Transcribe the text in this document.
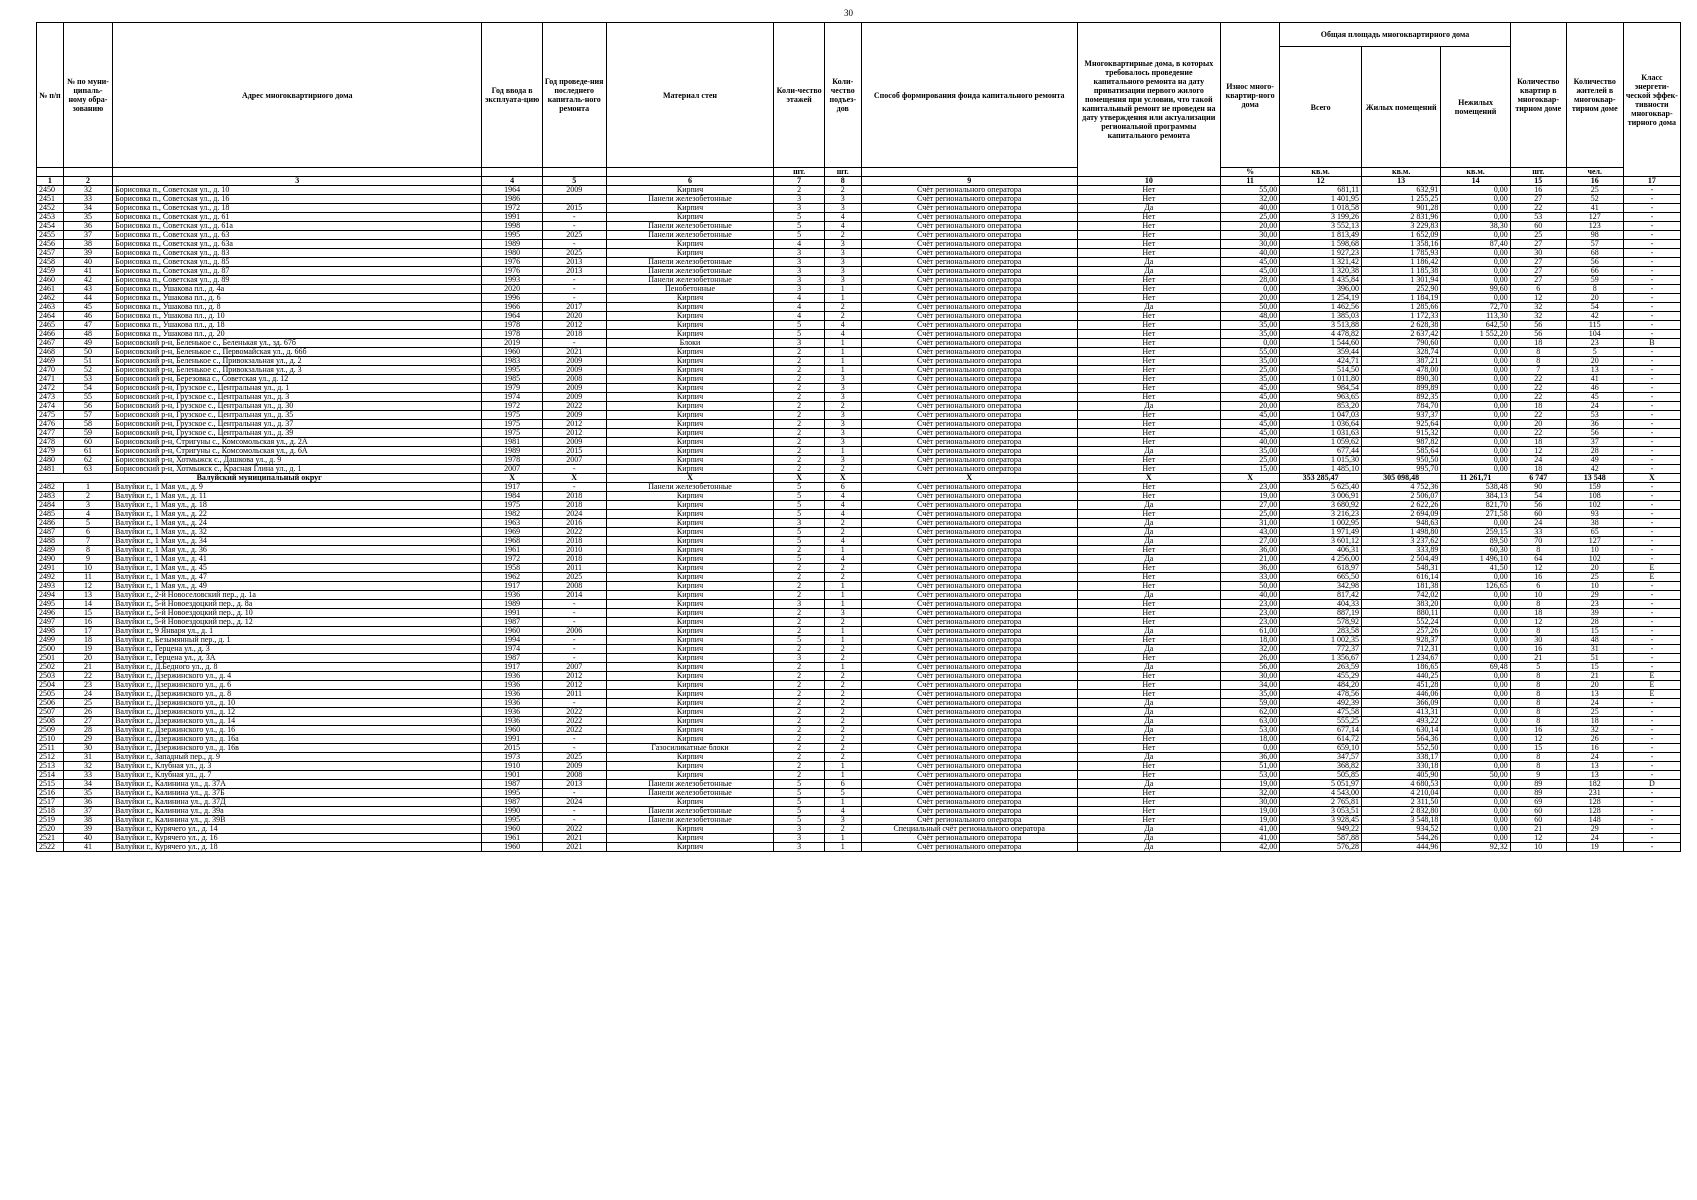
30
№ п/п	№ по муни-ципаль-ному обра-зованию	Адрес многоквартирного дома	Год ввода в эксплуата-цию	Год проведе-ния последнего капиталь-ного ремонта	Материал стен	Коли-чество этажей	Коли-чество подъез-дов	Способ формирования фонда капитального ремонта	Многоквартирные дома, в которых требовалось проведение капитального ремонта на дату приватизации первого жилого помещения при условии, что такой капитальный ремонт не проведен на дату утверждения или актуализации региональной программы капитального ремонта	Износ много-квартир-ного дома	Общая площадь многоквартирного дома			Количество квартир в многоквар-тирном доме	Количество жителей в многоквар-тирном доме	Класс энергети-ческой эффек-тивности многоквар-тирного дома
											Всего	Жилых помещений	Нежилых помещений			
						шт.	шт.			%	кв.м.	кв.м.	кв.м.	шт.	чел.	
1	2	3	4	5	6	7	8	9	10	11	12	13	14	15	16	17
2450	32	Борисовка п., Советская ул., д. 10	1964	2009	Кирпич	2	2	Счёт регионального оператора	Нет	55,00	681,11	632,91	0,00	16	25	-
2451	33	Борисовка п., Советская ул., д. 16	1986		Панели железобетонные	3	3	Счёт регионального оператора	Нет	32,00	1 401,95	1 255,25	0,00	27	52	-
2452	34	Борисовка п., Советская ул., д. 18	1972	2015	Кирпич	3	3	Счёт регионального оператора	Да	40,00	1 018,58	901,28	0,00	22	41	-
2453	35	Борисовка п., Советская ул., д. 61	1991	-	Кирпич	5	4	Счёт регионального оператора	Нет	25,00	3 199,26	2 831,96	0,00	53	127	-
2454	36	Борисовка п., Советская ул., д. 61а	1998	-	Панели железобетонные	5	4	Счёт регионального оператора	Нет	20,00	3 552,13	3 229,83	38,30	60	123	-
2455	37	Борисовка п., Советская ул., д. 63	1995	2025	Панели железобетонные	5	2	Счёт регионального оператора	Нет	30,00	1 813,49	1 652,09	0,00	25	98	-
2456	38	Борисовка п., Советская ул., д. 63а	1989	-	Кирпич	4	3	Счёт регионального оператора	Нет	30,00	1 598,68	1 358,16	87,40	27	57	-
2457	39	Борисовка п., Советская ул., д. 83	1980	2025	Кирпич	3	3	Счёт регионального оператора	Нет	40,00	1 927,23	1 785,93	0,00	30	68	-
2458	40	Борисовка п., Советская ул., д. 85	1976	2013	Панели железобетонные	3	3	Счёт регионального оператора	Да	45,00	1 321,42	1 186,42	0,00	27	56	-
2459	41	Борисовка п., Советская ул., д. 87	1976	2013	Панели железобетонные	3	3	Счёт регионального оператора	Да	45,00	1 320,38	1 185,38	0,00	27	66	-
2460	42	Борисовка п., Советская ул., д. 89	1993	-	Панели железобетонные	3	3	Счёт регионального оператора	Нет	28,00	1 435,84	1 301,94	0,00	27	59	-
2461	43	Борисовка п., Ушакова пл., д. 4а	2020	-	Пенобетонные	3	1	Счёт регионального оператора	Нет	0,00	396,00	252,90	99,60	6	8	-
2462	44	Борисовка п., Ушакова пл., д. 6	1996	-	Кирпич	4	1	Счёт регионального оператора	Нет	20,00	1 254,19	1 184,19	0,00	12	20	-
2463	45	Борисовка п., Ушакова пл., д. 8	1966	2017	Кирпич	4	2	Счёт регионального оператора	Да	50,00	1 462,56	1 285,66	72,70	32	54	-
2464	46	Борисовка п., Ушакова пл., д. 10	1964	2020	Кирпич	4	2	Счёт регионального оператора	Нет	48,00	1 385,03	1 172,33	113,30	32	42	-
2465	47	Борисовка п., Ушакова пл., д. 18	1978	2012	Кирпич	5	4	Счёт регионального оператора	Нет	35,00	3 513,88	2 628,38	642,50	56	115	-
2466	48	Борисовка п., Ушакова пл., д. 20	1978	2018	Кирпич	5	4	Счёт регионального оператора	Нет	35,00	4 478,82	2 637,42	1 552,20	56	104	-
2467	49	Борисовский р-н, Беленькое с., Беленькая ул., зд. 67б	2019	-	Блоки	3	1	Счёт регионального оператора	Нет	0,00	1 544,60	790,60	0,00	18	23	В
2468	50	Борисовский р-н, Беленькое с., Первомайская ул., д. 66б	1960	2021	Кирпич	2	1	Счёт регионального оператора	Нет	55,00	359,44	328,74	0,00	8	5	-
2469	51	Борисовский р-н, Беленькое с., Привокзальная ул., д. 2	1983	2009	Кирпич	2	1	Счёт регионального оператора	Нет	35,00	424,71	387,21	0,00	8	20	-
2470	52	Борисовский р-н, Беленькое с., Привокзальная ул., д. 3	1995	2009	Кирпич	2	1	Счёт регионального оператора	Нет	25,00	514,50	478,00	0,00	7	13	-
2471	53	Борисовский р-н, Березовка с., Советская ул., д. 12	1985	2008	Кирпич	2	3	Счёт регионального оператора	Нет	35,00	1 011,80	890,30	0,00	22	41	-
2472	54	Борисовский р-н, Грузское с., Центральная ул., д. 1	1979	2009	Кирпич	2	3	Счёт регионального оператора	Нет	45,00	984,54	899,89	0,00	22	46	-
2473	55	Борисовский р-н, Грузское с., Центральная ул., д. 3	1974	2009	Кирпич	2	3	Счёт регионального оператора	Нет	45,00	963,65	892,35	0,00	22	45	-
2474	56	Борисовский р-н, Грузское с., Центральная ул., д. 30	1972	2022	Кирпич	2	2	Счёт регионального оператора	Да	20,00	853,20	784,70	0,00	18	24	-
2475	57	Борисовский р-н, Грузское с., Центральная ул., д. 35	1975	2009	Кирпич	2	3	Счёт регионального оператора	Нет	45,00	1 047,03	937,37	0,00	22	53	-
2476	58	Борисовский р-н, Грузское с., Центральная ул., д. 37	1975	2012	Кирпич	2	3	Счёт регионального оператора	Нет	45,00	1 036,64	925,64	0,00	20	36	-
2477	59	Борисовский р-н, Грузское с., Центральная ул., д. 39	1975	2012	Кирпич	2	3	Счёт регионального оператора	Нет	45,00	1 031,63	915,32	0,00	22	56	-
2478	60	Борисовский р-н, Стригуны с., Комсомольская ул., д. 2А	1981	2009	Кирпич	2	3	Счёт регионального оператора	Нет	40,00	1 059,62	987,82	0,00	18	37	-
2479	61	Борисовский р-н, Стригуны с., Комсомольская ул., д. 6А	1989	2015	Кирпич	2	1	Счёт регионального оператора	Да	35,00	677,44	585,64	0,00	12	28	-
2480	62	Борисовский р-н, Хотмыжск с., Дашкова ул., д. 9	1978	2007	Кирпич	2	3	Счёт регионального оператора	Нет	25,00	1 015,30	950,50	0,00	24	49	-
2481	63	Борисовский р-н, Хотмыжск с., Красная Глина ул., д. 1	2007	-	Кирпич	2	2	Счёт регионального оператора	Нет	15,00	1 485,10	995,70	0,00	18	42	-
Валуйский муниципальный округ			X	X	X	X	X	X	X	X	353 285,47	305 098,48	11 261,71	6 747	13 548	X
2482	1	Валуйки г., 1 Мая ул., д. 9	1917	-	Панели железобетонные	5	6	Счёт регионального оператора	Нет	23,00	5 625,40	4 752,36	538,48	90	159	-
2483	2	Валуйки г., 1 Мая ул., д. 11	1984	2018	Кирпич	5	4	Счёт регионального оператора	Нет	19,00	3 006,91	2 506,07	384,13	54	108	-
2484	3	Валуйки г., 1 Мая ул., д. 18	1975	2018	Кирпич	5	4	Счёт регионального оператора	Да	27,00	3 680,92	2 622,26	821,70	56	102	-
2485	4	Валуйки г., 1 Мая ул., д. 22	1982	2024	Кирпич	5	4	Счёт регионального оператора	Нет	25,00	3 216,23	2 694,09	271,58	60	93	-
2486	5	Валуйки г., 1 Мая ул., д. 24	1963	2016	Кирпич	3	2	Счёт регионального оператора	Да	31,00	1 002,95	948,63	0,00	24	38	-
2487	6	Валуйки г., 1 Мая ул., д. 32	1969	2022	Кирпич	5	2	Счёт регионального оператора	Да	43,00	1 971,49	1 498,80	259,15	33	65	-
2488	7	Валуйки г., 1 Мая ул., д. 34	1968	2018	Кирпич	5	4	Счёт регионального оператора	Да	27,00	3 601,12	3 237,62	89,50	70	127	-
2489	8	Валуйки г., 1 Мая ул., д. 36	1961	2010	Кирпич	2	1	Счёт регионального оператора	Нет	36,00	406,31	333,89	60,30	8	10	-
2490	9	Валуйки г., 1 Мая ул., д. 41	1972	2018	Кирпич	5	4	Счёт регионального оператора	Да	21,00	4 256,00	2 504,49	1 496,10	64	102	-
2491	10	Валуйки г., 1 Мая ул., д. 45	1958	2011	Кирпич	2	2	Счёт регионального оператора	Нет	36,00	618,97	548,31	41,50	12	20	Е
2492	11	Валуйки г., 1 Мая ул., д. 47	1962	2025	Кирпич	2	2	Счёт регионального оператора	Нет	33,00	665,50	616,14	0,00	16	25	Е
2493	12	Валуйки г., 1 Мая ул., д. 49	1917	2008	Кирпич	2	1	Счёт регионального оператора	Нет	50,00	342,98	181,38	126,65	6	10	-
2494	13	Валуйки г., 2-й Новоселовский пер., д. 1а	1936	2014	Кирпич	2	1	Счёт регионального оператора	Да	40,00	817,42	742,02	0,00	10	29	-
2495	14	Валуйки г., 5-й Новоездоцкий пер., д. 8а	1989	-	Кирпич	3	1	Счёт регионального оператора	Нет	23,00	404,33	383,20	0,00	8	23	-
2496	15	Валуйки г., 5-й Новоездоцкий пер., д. 10	1991	-	Кирпич	2	3	Счёт регионального оператора	Нет	23,00	887,19	880,11	0,00	18	39	-
2497	16	Валуйки г., 5-й Новоездоцкий пер., д. 12	1987	-	Кирпич	2	2	Счёт регионального оператора	Нет	23,00	578,92	552,24	0,00	12	28	-
2498	17	Валуйки г., 9 Января ул., д. 1	1960	2006	Кирпич	2	1	Счёт регионального оператора	Да	61,00	283,58	257,26	0,00	8	15	-
2499	18	Валуйки г., Безымянный пер., д. 1	1994	-	Кирпич	5	1	Счёт регионального оператора	Нет	18,00	1 002,35	928,37	0,00	30	48	-
2500	19	Валуйки г., Герцена ул., д. 3	1974	-	Кирпич	2	2	Счёт регионального оператора	Да	32,00	772,37	712,31	0,00	16	31	-
2501	20	Валуйки г., Герцена ул., д. 3А	1987	-	Кирпич	3	2	Счёт регионального оператора	Нет	26,00	1 356,67	1 234,67	0,00	21	51	-
2502	21	Валуйки г., Д.Бедного ул., д. 8	1917	2007	Кирпич	2	1	Счёт регионального оператора	Да	56,00	263,59	186,65	69,48	5	15	-
2503	22	Валуйки г., Дзержинского ул., д. 4	1936	2012	Кирпич	2	2	Счёт регионального оператора	Нет	30,00	455,29	440,25	0,00	8	21	Е
2504	23	Валуйки г., Дзержинского ул., д. 6	1936	2012	Кирпич	2	2	Счёт регионального оператора	Нет	34,00	484,20	451,28	0,00	8	20	Е
2505	24	Валуйки г., Дзержинского ул., д. 8	1936	2011	Кирпич	2	2	Счёт регионального оператора	Нет	35,00	478,56	446,06	0,00	8	13	Е
2506	25	Валуйки г., Дзержинского ул., д. 10	1936	-	Кирпич	2	2	Счёт регионального оператора	Да	59,00	492,39	366,09	0,00	8	24	-
2507	26	Валуйки г., Дзержинского ул., д. 12	1936	2022	Кирпич	2	2	Счёт регионального оператора	Да	62,00	475,58	413,31	0,00	8	25	-
2508	27	Валуйки г., Дзержинского ул., д. 14	1936	2022	Кирпич	2	2	Счёт регионального оператора	Да	63,00	555,25	493,22	0,00	8	18	-
2509	28	Валуйки г., Дзержинского ул., д. 16	1960	2022	Кирпич	2	2	Счёт регионального оператора	Да	53,00	677,14	630,14	0,00	16	32	-
2510	29	Валуйки г., Дзержинского ул., д. 16а	1991	-	Кирпич	2	2	Счёт регионального оператора	Нет	18,00	614,72	564,36	0,00	12	26	-
2511	30	Валуйки г., Дзержинского ул., д. 16в	2015	-	Газосиликатные блоки	2	2	Счёт регионального оператора	Нет	0,00	659,10	552,50	0,00	15	16	-
2512	31	Валуйки г., Западный пер., д. 9	1973	2025	Кирпич	2	2	Счёт регионального оператора	Да	36,00	347,57	338,17	0,00	8	24	-
2513	32	Валуйки г., Клубная ул., д. 3	1910	2009	Кирпич	2	1	Счёт регионального оператора	Нет	51,00	368,82	330,18	0,00	8	13	-
2514	33	Валуйки г., Клубная ул., д. 7	1901	2008	Кирпич	2	1	Счёт регионального оператора	Нет	53,00	505,85	405,90	50,00	9	13	-
2515	34	Валуйки г., Калинина ул., д. 37А	1987	2013	Панели железобетонные	5	6	Счёт регионального оператора	Да	19,00	5 051,97	4 680,53	0,00	89	182	D
2516	35	Валуйки г., Калинина ул., д. 37Б	1995	-	Панели железобетонные	5	5	Счёт регионального оператора	Нет	32,00	4 543,00	4 210,04	0,00	89	231	-
2517	36	Валуйки г., Калинина ул., д. 37Д	1987	2024	Кирпич	5	1	Счёт регионального оператора	Нет	30,00	2 765,81	2 311,50	0,00	69	128	-
2518	37	Валуйки г., Калинина ул., д. 39а	1990	-	Панели железобетонные	5	4	Счёт регионального оператора	Нет	19,00	3 053,51	2 832,80	0,00	60	128	-
2519	38	Валуйки г., Калинина ул., д. 39В	1995	-	Панели железобетонные	5	3	Счёт регионального оператора	Нет	19,00	3 928,45	3 548,18	0,00	60	148	-
2520	39	Валуйки г., Курячего ул., д. 14	1960	2022	Кирпич	3	2	Специальный счёт регионального оператора	Да	41,00	949,22	934,52	0,00	21	29	-
2521	40	Валуйки г., Курячего ул., д. 16	1961	2021	Кирпич	3	1	Счёт регионального оператора	Да	41,00	587,88	544,26	0,00	12	24	-
2522	41	Валуйки г., Курячего ул., д. 18	1960	2021	Кирпич	3	1	Счёт регионального оператора	Да	42,00	576,28	444,96	92,32	10	19	-
